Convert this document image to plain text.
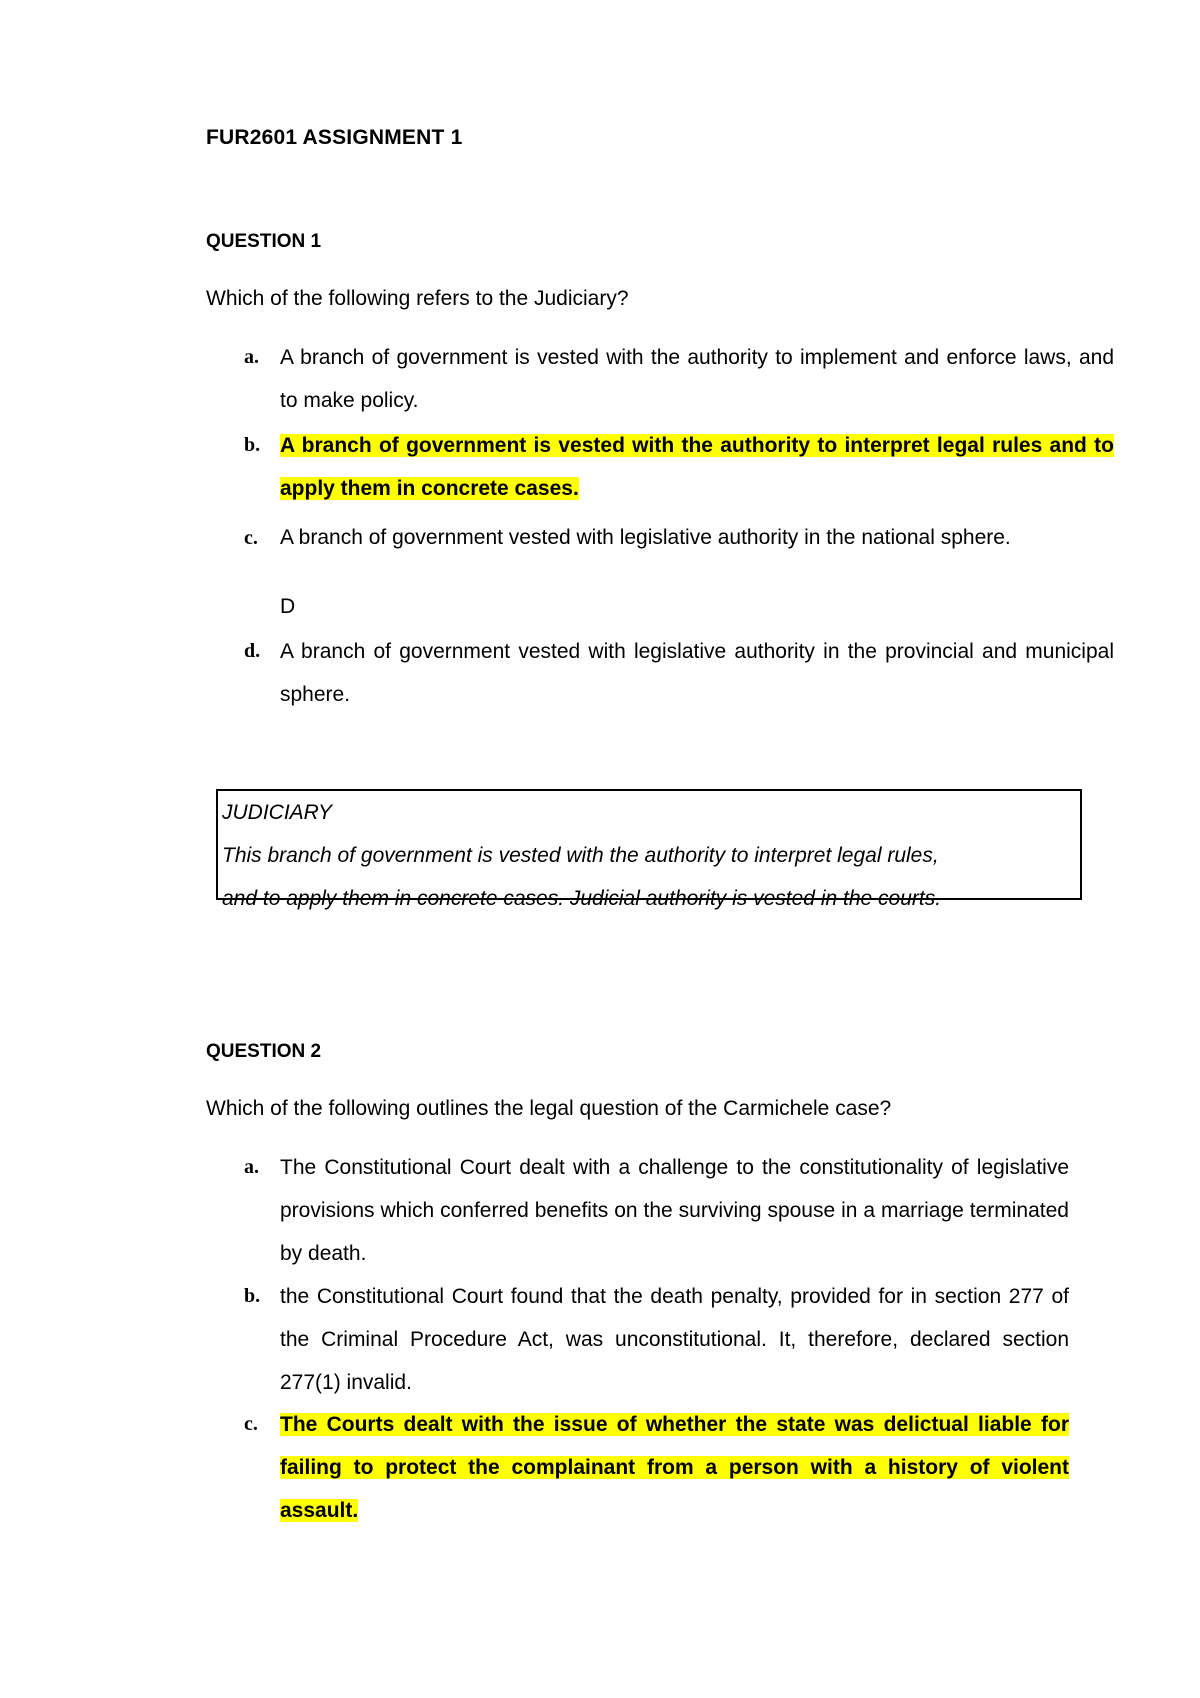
FUR2601 ASSIGNMENT 1
QUESTION 1
Which of the following refers to the Judiciary?
a.	A branch of government is vested with the authority to implement and enforce laws, and to make policy.
b. A branch of government is vested with the authority to interpret legal rules and to apply them in concrete cases.
c.	A branch of government vested with legislative authority in the national sphere.
D
d. A branch of government vested with legislative authority in the provincial and municipal sphere.
JUDICIARY
This branch of government is vested with the authority to interpret legal rules,
and to apply them in concrete cases. Judicial authority is vested in the courts.
QUESTION 2
Which of the following outlines the legal question of the Carmichele case?
a.	The Constitutional Court dealt with a challenge to the constitutionality of legislative provisions which conferred benefits on the surviving spouse in a marriage terminated by death.
b. the Constitutional Court found that the death penalty, provided for in section 277 of the Criminal Procedure Act, was unconstitutional. It, therefore, declared section 277(1) invalid.
c.	The Courts dealt with the issue of whether the state was delictual liable for failing to protect the complainant from a person with a history of violent assault.
